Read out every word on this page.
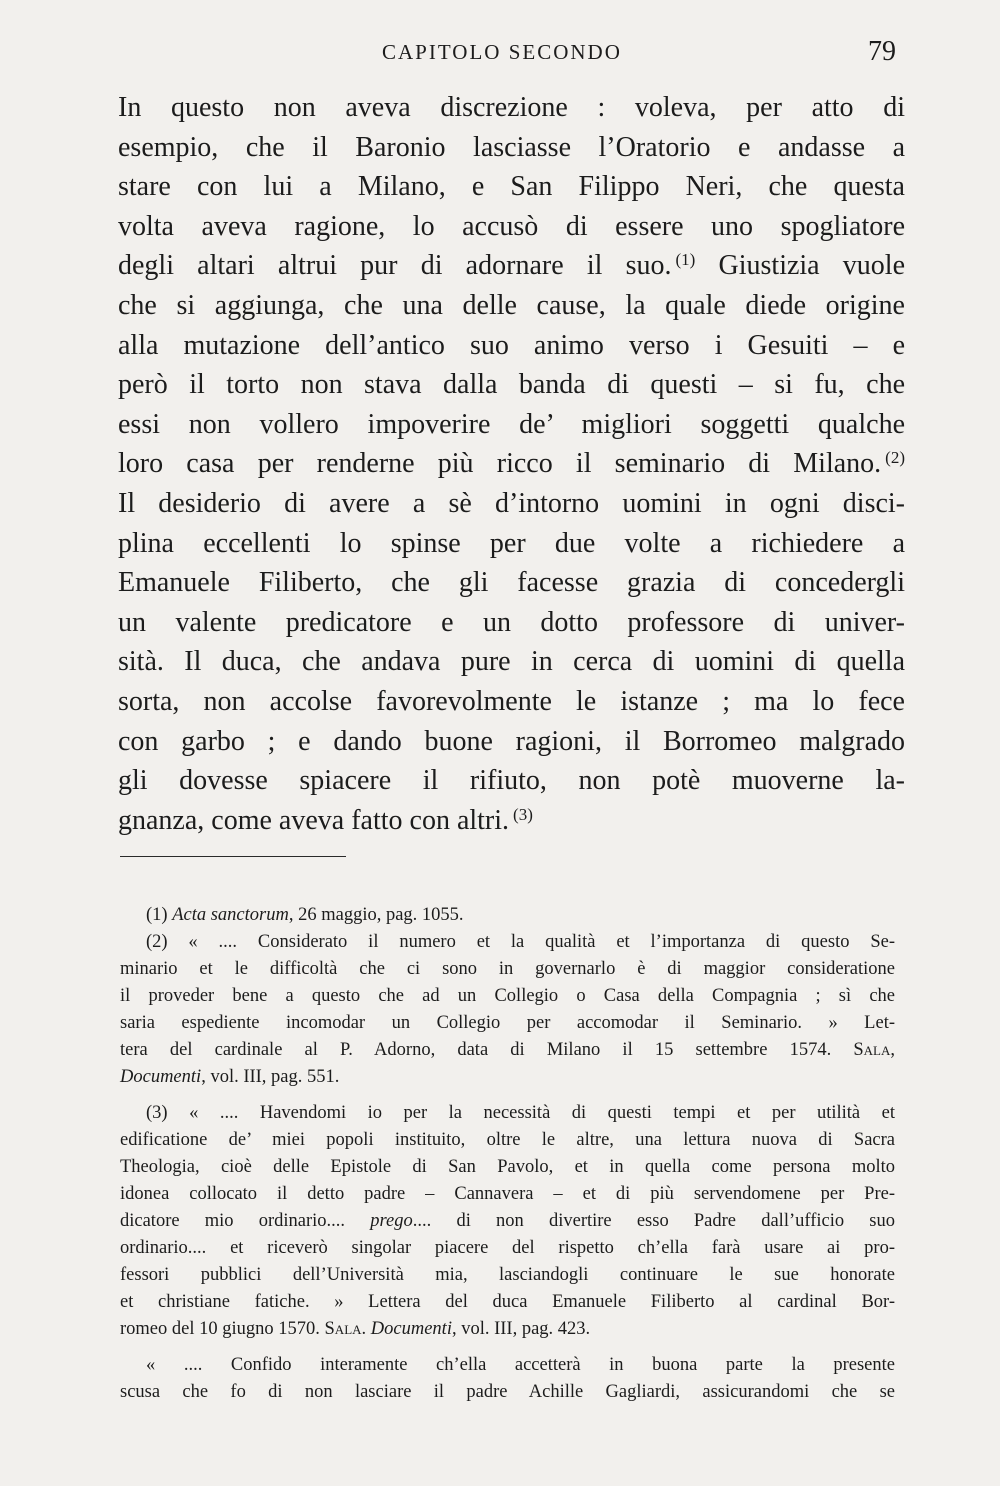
CAPITOLO SECONDO	79
In questo non aveva discrezione : voleva, per atto di
esempio, che il Baronio lasciasse l’Oratorio e andasse a
stare con lui a Milano, e San Filippo Neri, che questa
volta aveva ragione, lo accusò di essere uno spogliatore
degli altari altrui pur di adornare il suo. $^{(1)}$ Giustizia vuole
che si aggiunga, che una delle cause, la quale diede origine
alla mutazione dell’antico suo animo verso i Gesuiti – e
però il torto non stava dalla banda di questi – si fu, che
essi non vollero impoverire de’ migliori soggetti qualche
loro casa per renderne più ricco il seminario di Milano. $^{(2)}$
Il desiderio di avere a sè d’intorno uomini in ogni disci-
plina eccellenti lo spinse per due volte a richiedere a
Emanuele Filiberto, che gli facesse grazia di concedergli
un valente predicatore e un dotto professore di univer-
sità. Il duca, che andava pure in cerca di uomini di quella
sorta, non accolse favorevolmente le istanze ; ma lo fece
con garbo ; e dando buone ragioni, il Borromeo malgrado
gli dovesse spiacere il rifiuto, non potè muoverne la-
gnanza, come aveva fatto con altri. $^{(3)}$
(1) Acta sanctorum, 26 maggio, pag. 1055.
(2) « .... Considerato il numero et la qualità et l’importanza di questo Se-
minario et le difficoltà che ci sono in governarlo è di maggior consideratione
il proveder bene a questo che ad un Collegio o Casa della Compagnia ; sì che
saria espediente incomodar un Collegio per accomodar il Seminario. » Let-
tera del cardinale al P. Adorno, data di Milano il 15 settembre 1574. Sala,
Documenti, vol. III, pag. 551.
(3) « .... Havendomi io per la necessità di questi tempi et per utilità et
edificatione de’ miei popoli instituito, oltre le altre, una lettura nuova di Sacra
Theologia, cioè delle Epistole di San Pavolo, et in quella come persona molto
idonea collocato il detto padre – Cannavera – et di più servendomene per Pre-
dicatore mio ordinario.... prego.... di non divertire esso Padre dall’ufficio suo
ordinario.... et riceverò singolar piacere del rispetto ch’ella farà usare ai pro-
fessori pubblici dell’Università mia, lasciandogli continuare le sue honorate
et christiane fatiche. » Lettera del duca Emanuele Filiberto al cardinal Bor-
romeo del 10 giugno 1570. Sala. Documenti, vol. III, pag. 423.
« .... Confido interamente ch’ella accetterà in buona parte la presente
scusa che fo di non lasciare il padre Achille Gagliardi, assicurandomi che se
